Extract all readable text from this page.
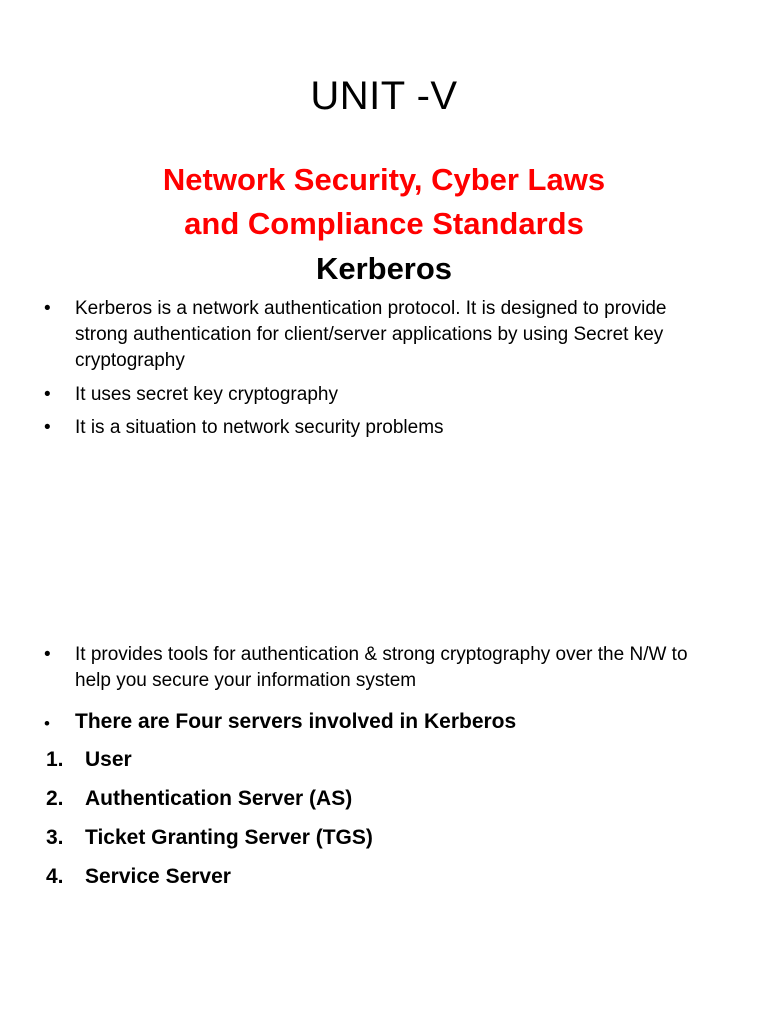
UNIT -V
Network Security, Cyber Laws
and Compliance Standards
Kerberos
• Kerberos is a network authentication protocol. It is designed to provide strong authentication for client/server applications by using Secret key cryptography
• It uses secret key cryptography
• It is a situation to network security problems
• It provides tools for authentication & strong cryptography over the N/W to help you secure your information system
• There are Four servers involved in Kerberos
1. User
2. Authentication Server (AS)
3. Ticket Granting Server (TGS)
4. Service Server
